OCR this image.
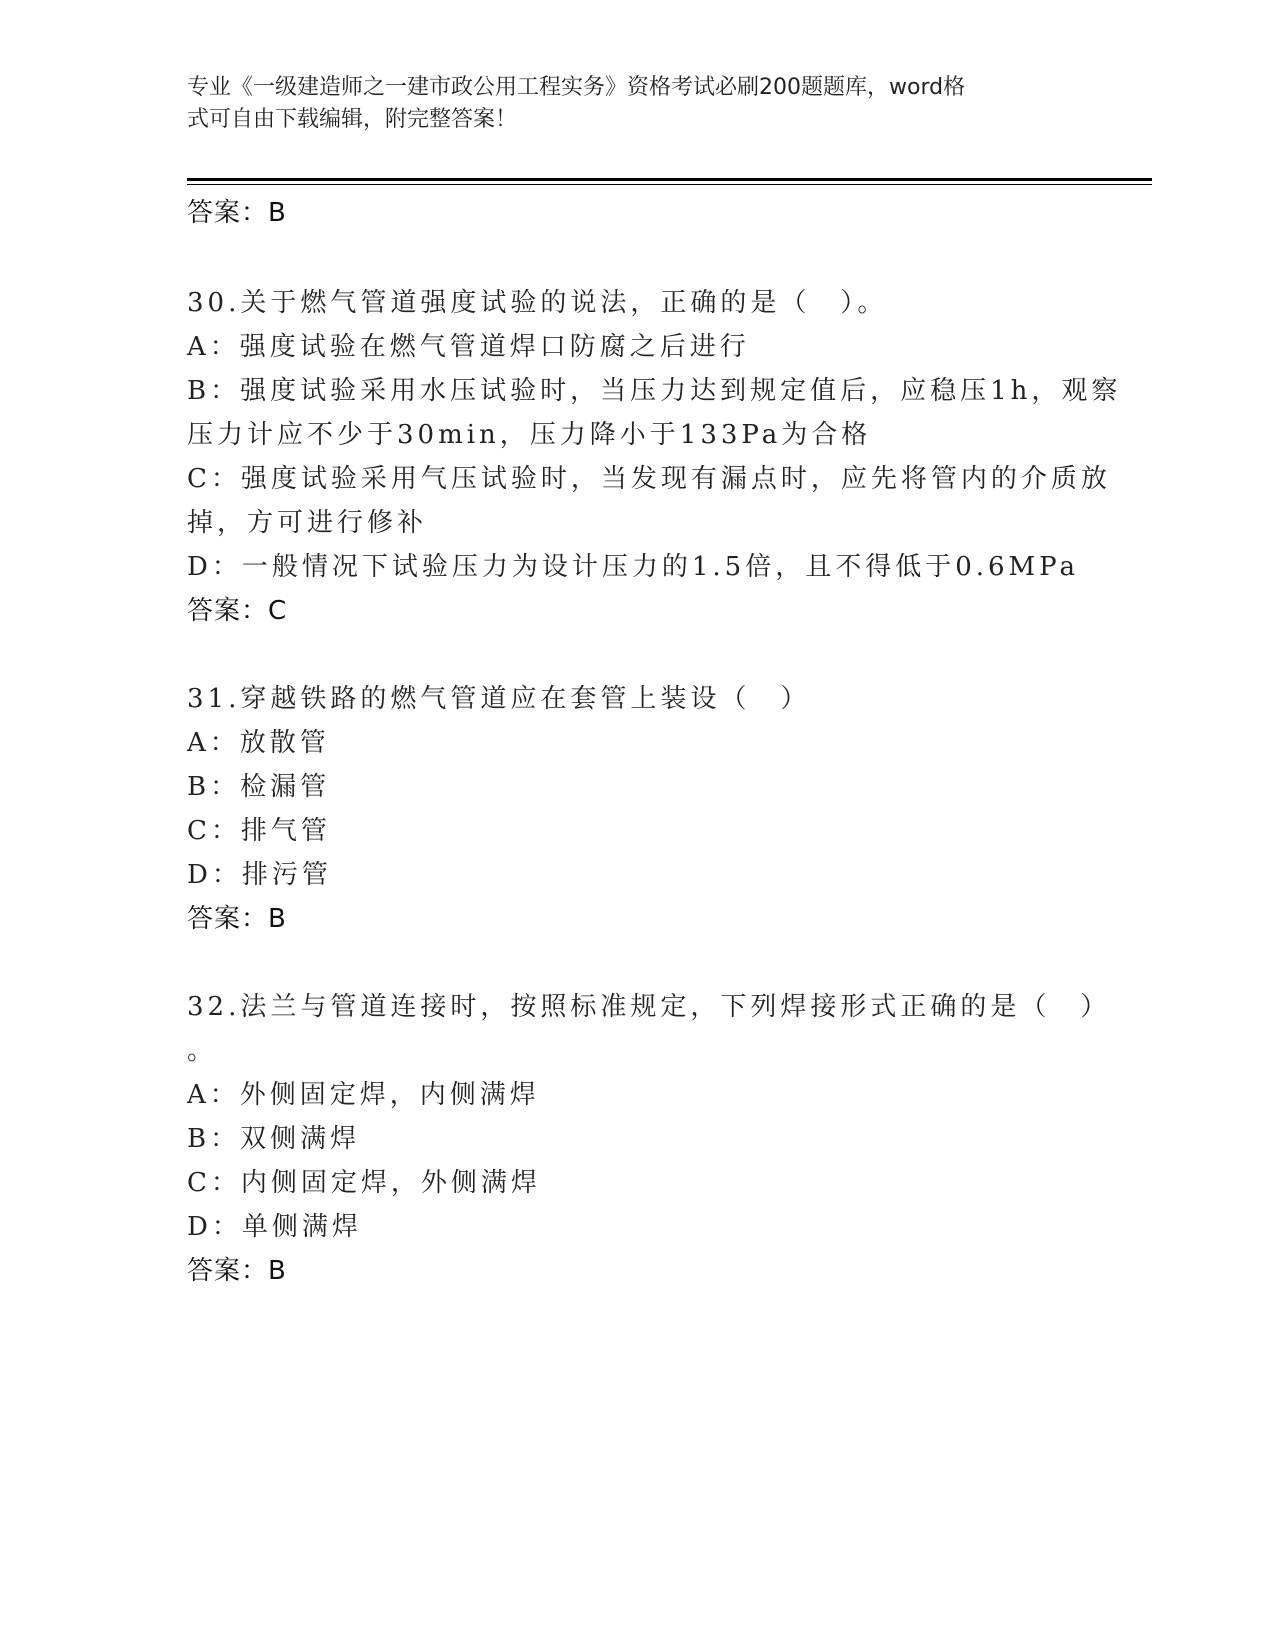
专业《一级建造师之一建市政公用工程实务》资格考试必刷200题题库，word格
式可自由下载编辑，附完整答案！
答案：B
30.关于燃气管道强度试验的说法，正确的是（　）。
A：强度试验在燃气管道焊口防腐之后进行
B：强度试验采用水压试验时，当压力达到规定值后，应稳压1h，观察
压力计应不少于30min，压力降小于133Pa为合格
C：强度试验采用气压试验时，当发现有漏点时，应先将管内的介质放
掉，方可进行修补
D：一般情况下试验压力为设计压力的1.5倍，且不得低于0.6MPa
答案：C
31.穿越铁路的燃气管道应在套管上装设（　）
A：放散管
B：检漏管
C：排气管
D：排污管
答案：B
32.法兰与管道连接时，按照标准规定，下列焊接形式正确的是（　）
。
A：外侧固定焊，内侧满焊
B：双侧满焊
C：内侧固定焊，外侧满焊
D：单侧满焊
答案：B
